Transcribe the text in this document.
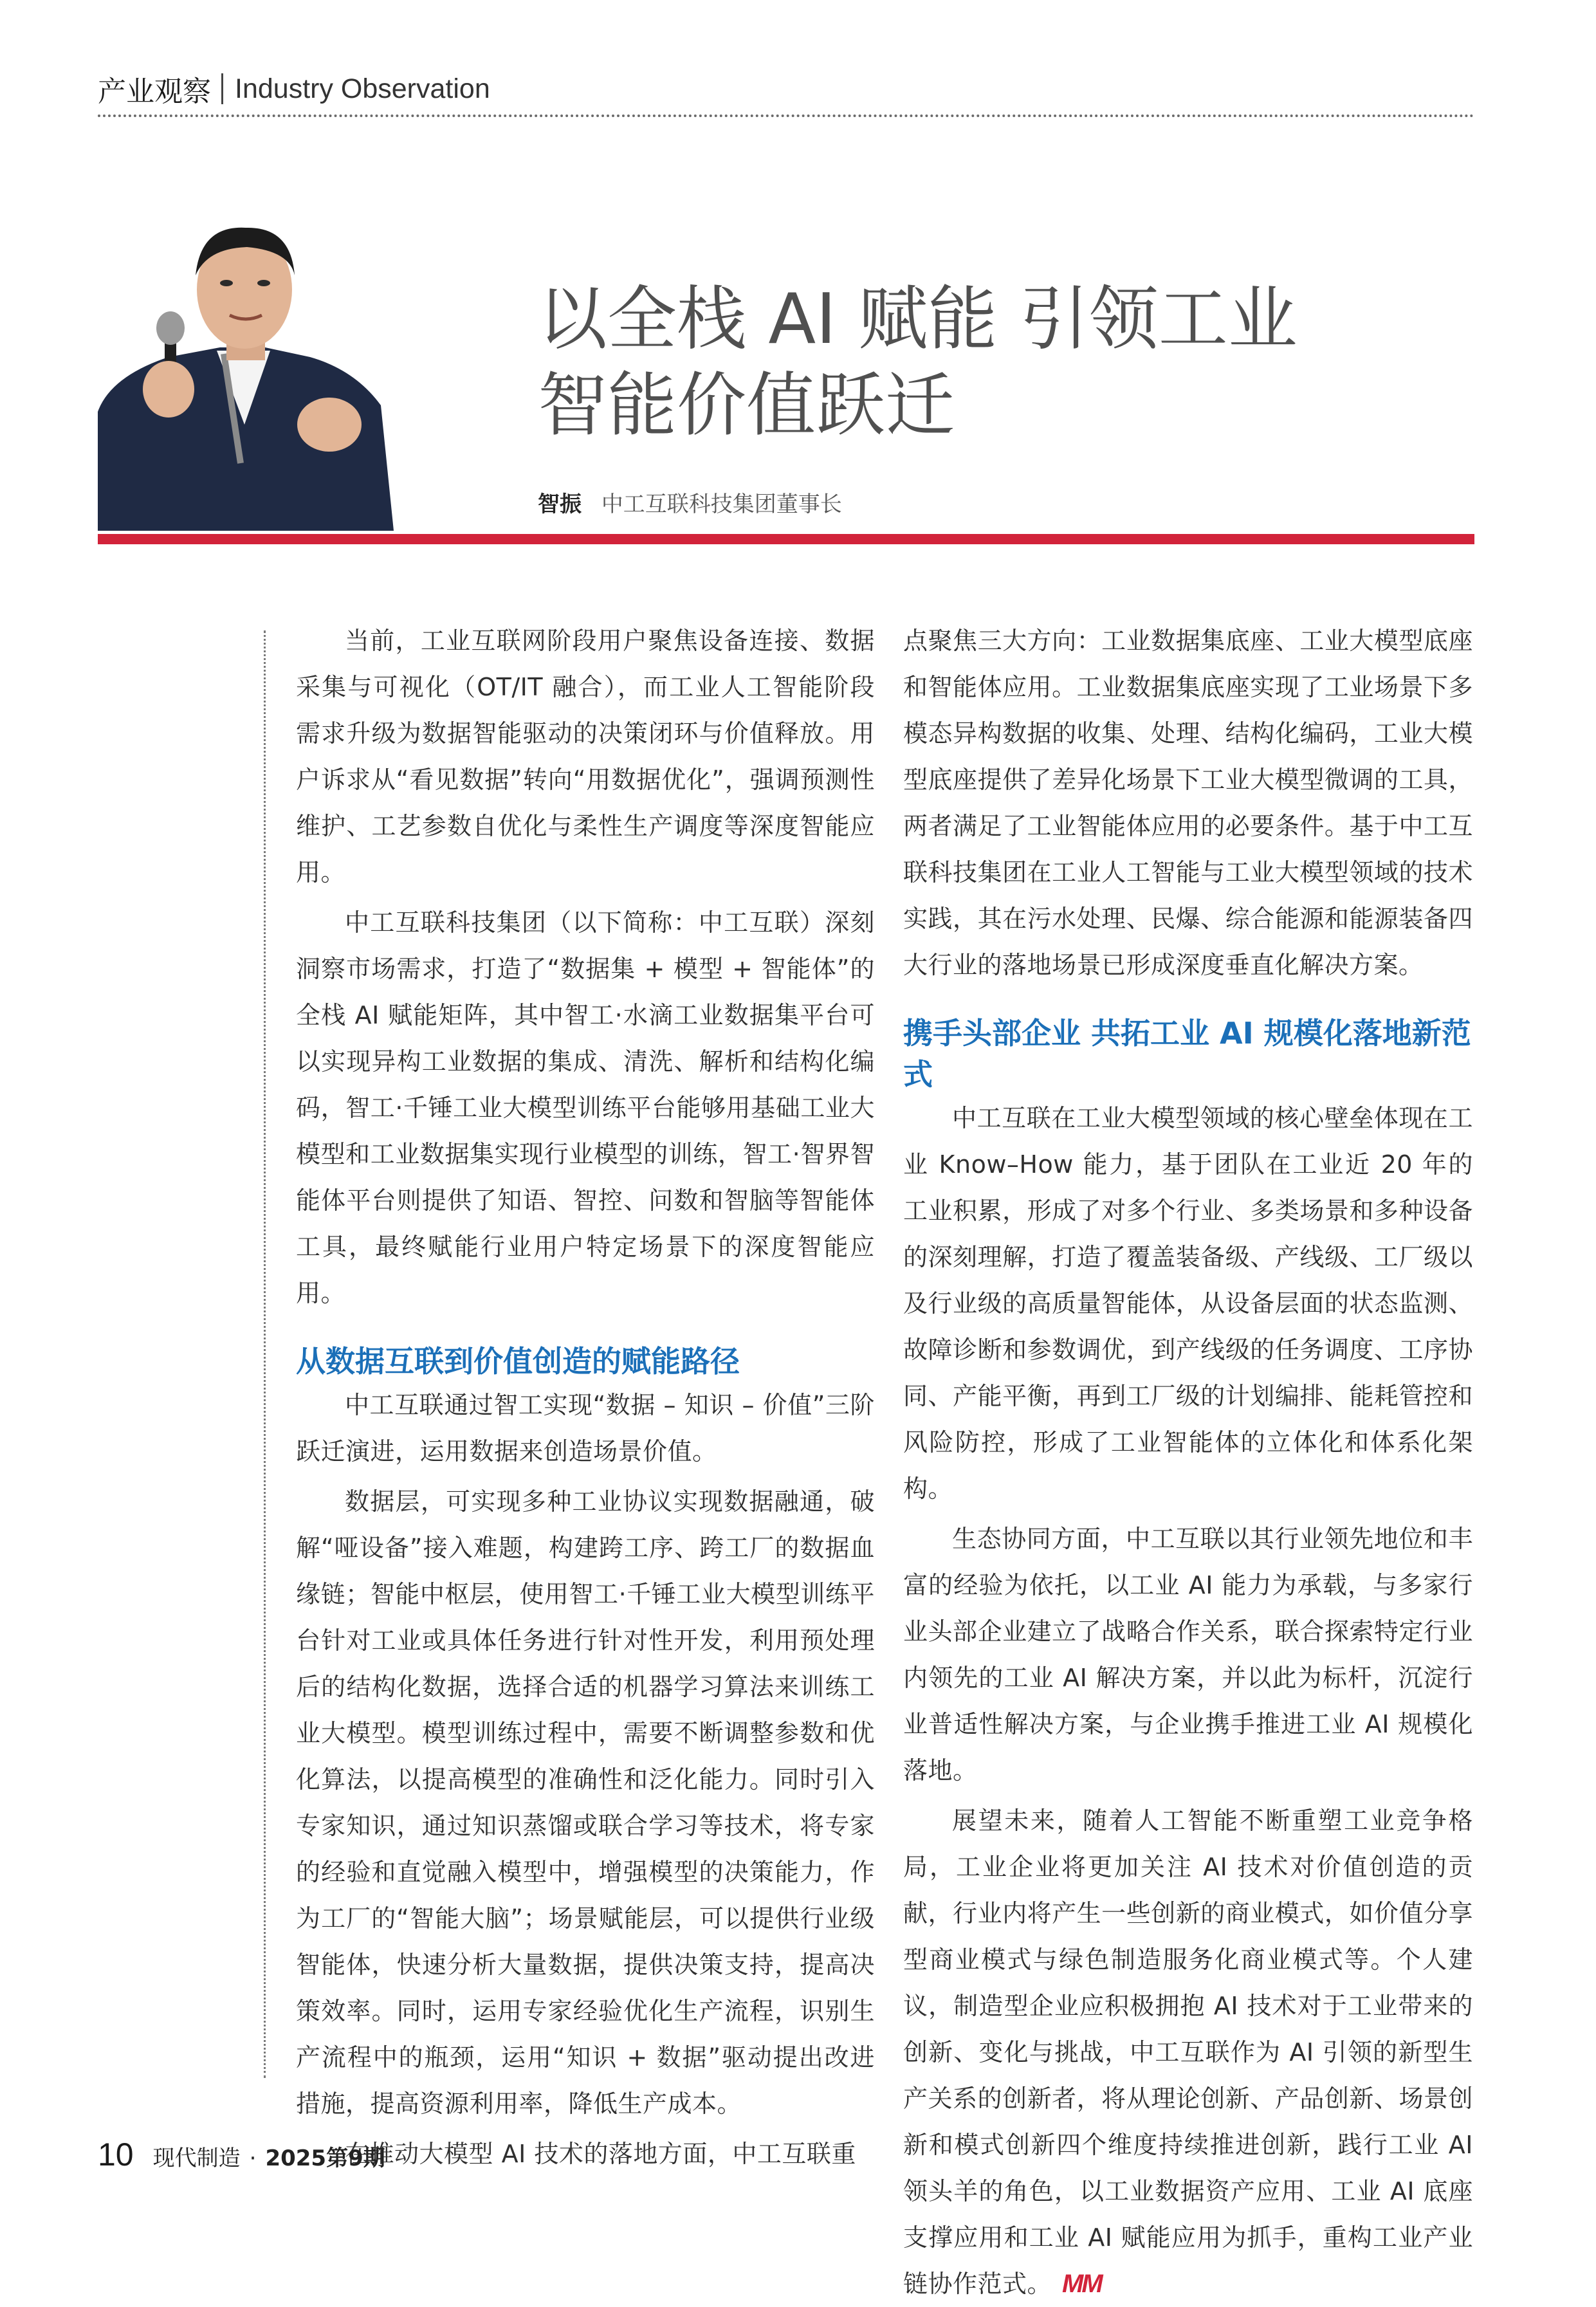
产业观察 Industry Observation
以全栈 AI 赋能 引领工业
智能价值跃迁
智振 中工互联科技集团董事长

当前，工业互联网阶段用户聚焦设备连接、数据采集与可视化（OT/IT 融合），而工业人工智能阶段需求升级为数据智能驱动的决策闭环与价值释放。用户诉求从“看见数据”转向“用数据优化”，强调预测性维护、工艺参数自优化与柔性生产调度等深度智能应用。

中工互联科技集团（以下简称：中工互联）深刻洞察市场需求，打造了“数据集 + 模型 + 智能体”的全栈 AI 赋能矩阵，其中智工·水滴工业数据集平台可以实现异构工业数据的集成、清洗、解析和结构化编码，智工·千锤工业大模型训练平台能够用基础工业大模型和工业数据集实现行业模型的训练，智工·智界智能体平台则提供了知语、智控、问数和智脑等智能体工具，最终赋能行业用户特定场景下的深度智能应用。

从数据互联到价值创造的赋能路径

中工互联通过智工实现“数据 – 知识 – 价值”三阶跃迁演进，运用数据来创造场景价值。

数据层，可实现多种工业协议实现数据融通，破解“哑设备”接入难题，构建跨工序、跨工厂的数据血缘链；智能中枢层，使用智工·千锤工业大模型训练平台针对工业或具体任务进行针对性开发，利用预处理后的结构化数据，选择合适的机器学习算法来训练工业大模型。模型训练过程中，需要不断调整参数和优化算法，以提高模型的准确性和泛化能力。同时引入专家知识，通过知识蒸馏或联合学习等技术，将专家的经验和直觉融入模型中，增强模型的决策能力，作为工厂的“智能大脑”；场景赋能层，可以提供行业级智能体，快速分析大量数据，提供决策支持，提高决策效率。同时，运用专家经验优化生产流程，识别生产流程中的瓶颈，运用“知识 + 数据”驱动提出改进措施，提高资源利用率，降低生产成本。

在推动大模型 AI 技术的落地方面，中工互联重

点聚焦三大方向：工业数据集底座、工业大模型底座和智能体应用。工业数据集底座实现了工业场景下多模态异构数据的收集、处理、结构化编码，工业大模型底座提供了差异化场景下工业大模型微调的工具，两者满足了工业智能体应用的必要条件。基于中工互联科技集团在工业人工智能与工业大模型领域的技术实践，其在污水处理、民爆、综合能源和能源装备四大行业的落地场景已形成深度垂直化解决方案。

携手头部企业 共拓工业 AI 规模化落地新范式

中工互联在工业大模型领域的核心壁垒体现在工业 Know–How 能力，基于团队在工业近 20 年的工业积累，形成了对多个行业、多类场景和多种设备的深刻理解，打造了覆盖装备级、产线级、工厂级以及行业级的高质量智能体，从设备层面的状态监测、故障诊断和参数调优，到产线级的任务调度、工序协同、产能平衡，再到工厂级的计划编排、能耗管控和风险防控，形成了工业智能体的立体化和体系化架构。

生态协同方面，中工互联以其行业领先地位和丰富的经验为依托，以工业 AI 能力为承载，与多家行业头部企业建立了战略合作关系，联合探索特定行业内领先的工业 AI 解决方案，并以此为标杆，沉淀行业普适性解决方案，与企业携手推进工业 AI 规模化落地。

展望未来，随着人工智能不断重塑工业竞争格局，工业企业将更加关注 AI 技术对价值创造的贡献，行业内将产生一些创新的商业模式，如价值分享型商业模式与绿色制造服务化商业模式等。个人建议，制造型企业应积极拥抱 AI 技术对于工业带来的创新、变化与挑战，中工互联作为 AI 引领的新型生产关系的创新者，将从理论创新、产品创新、场景创新和模式创新四个维度持续推进创新，践行工业 AI 领头羊的角色，以工业数据资产应用、工业 AI 底座支撑应用和工业 AI 赋能应用为抓手，重构工业产业链协作范式。 MM

10 现代制造 · 2025第9期
